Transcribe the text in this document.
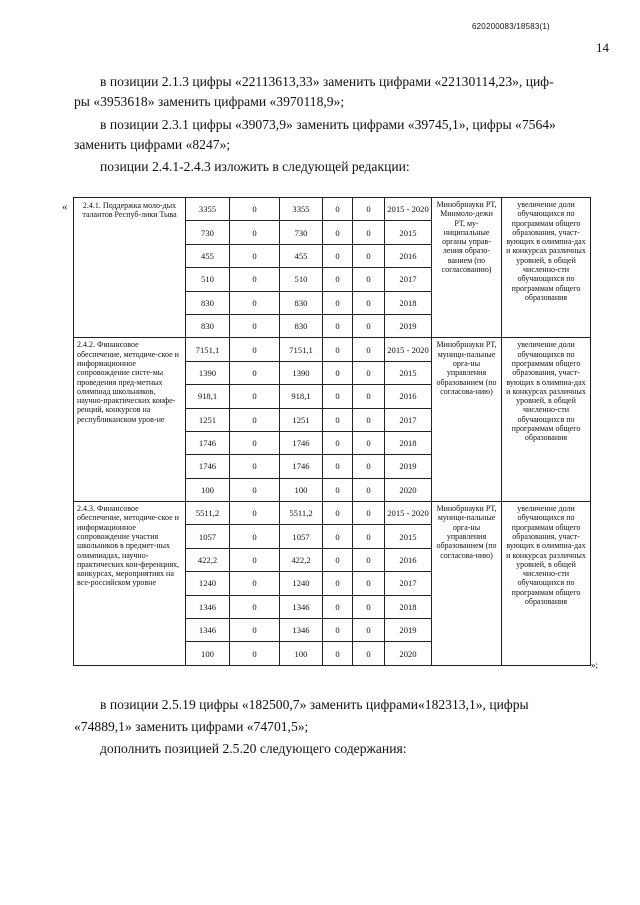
620200083/18583(1)
14

в позиции 2.1.3 цифры «22113613,33» заменить цифрами «22130114,23», циф-

ры «3953618» заменить цифрами «3970118,9»;

в позиции 2.3.1 цифры «39073,9» заменить цифрами «39745,1», цифры «7564»

заменить цифрами «8247»;

позиции 2.4.1-2.4.3 изложить в следующей редакции:

« 2.4.1. Поддержка моло-дых талантов Респуб-лики Тыва	3355	0	3355	0	0	2015 - 2020	Минобрнауки РТ, Минмоло-дежи РТ, му-ниципальные органы управ-ления образо-ванием (по согласованию)	увеличение доли обучающихся по программам общего образования, участ-вующих в олимпиа-дах и конкурсах различных уровней, в общей численно-сти обучающихся по программам общего образования
	730	0	730	0	0	2015		
	455	0	455	0	0	2016		
	510	0	510	0	0	2017		
	830	0	830	0	0	2018		
	830	0	830	0	0	2019		
2.4.2. Финансовое обеспечение, методиче-ское и информационное сопровождение систе-мы проведения пред-метных олимпиад школьников, научно-практических конфе-ренций, конкурсов на республиканском уров-не	7151,1	0	7151,1	0	0	2015 - 2020	Минобрнауки РТ, муници-пальные орга-ны управления образованием (по согласова-нию)	увеличение доли обучающихся по программам общего образования, участ-вующих в олимпиа-дах и конкурсах различных уровней, в общей численно-сти обучающихся по программам общего образования
	1390	0	1390	0	0	2015		
	918,1	0	918,1	0	0	2016		
	1251	0	1251	0	0	2017		
	1746	0	1746	0	0	2018		
	1746	0	1746	0	0	2019		
	100	0	100	0	0	2020		
2.4.3. Финансовое обеспечение, методиче-ское и информационное сопровождение участия школьников в предмет-ных олимпиадах, научно-практических кон-ференциях, конкурсах, мероприятиях на все-российском уровне	5511,2	0	5511,2	0	0	2015 - 2020	Минобрнауки РТ, муници-пальные орга-ны управления образованием (по согласова-нию)	увеличение доли обучающихся по программам общего образования, участ-вующих в олимпиа-дах и конкурсах различных уровней, в общей численно-сти обучающихся по программам общего образования
	1057	0	1057	0	0	2015		
	422,2	0	422,2	0	0	2016		
	1240	0	1240	0	0	2017		
	1346	0	1346	0	0	2018		
	1346	0	1346	0	0	2019		
	100	0	100	0	0	2020		
»;

в позиции 2.5.19 цифры «182500,7» заменить цифрами«182313,1», цифры

«74889,1» заменить цифрами «74701,5»;

дополнить позицией 2.5.20 следующего содержания:
